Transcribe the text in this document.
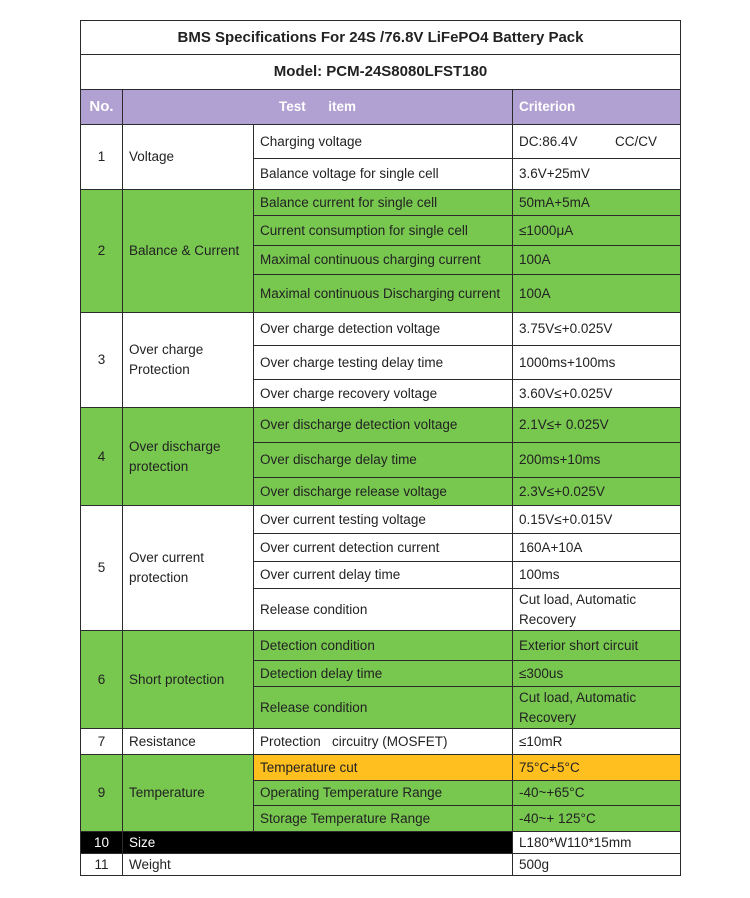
BMS Specifications For 24S /76.8V LiFePO4 Battery Pack			
Model: PCM-24S8080LFST180			
No.	Test      item		Criterion
1	Voltage	Charging voltage	DC:86.4V          CC/CV
		Balance voltage for single cell	3.6V+25mV
2	Balance & Current	Balance current for single cell	50mA+5mA
		Current consumption for single cell	≤1000μA
		Maximal continuous charging current	100A
		Maximal continuous Discharging current	100A
3	Over charge Protection	Over charge detection voltage	3.75V≤+0.025V
		Over charge testing delay time	1000ms+100ms
		Over charge recovery voltage	3.60V≤+0.025V
4	Over discharge protection	Over discharge detection voltage	2.1V≤+ 0.025V
		Over discharge delay time	200ms+10ms
		Over discharge release voltage	2.3V≤+0.025V
5	Over current protection	Over current testing voltage	0.15V≤+0.015V
		Over current detection current	160A+10A
		Over current delay time	100ms
		Release condition	Cut load, Automatic Recovery
6	Short protection	Detection condition	Exterior short circuit
		Detection delay time	≤300us
		Release condition	Cut load, Automatic Recovery
7	Resistance	Protection   circuitry (MOSFET)	≤10mR
9	Temperature	Temperature cut	75°C+5°C
		Operating Temperature Range	-40~+65°C
		Storage Temperature Range	-40~+ 125°C
10	Size		L180*W110*15mm
11	Weight		500g
